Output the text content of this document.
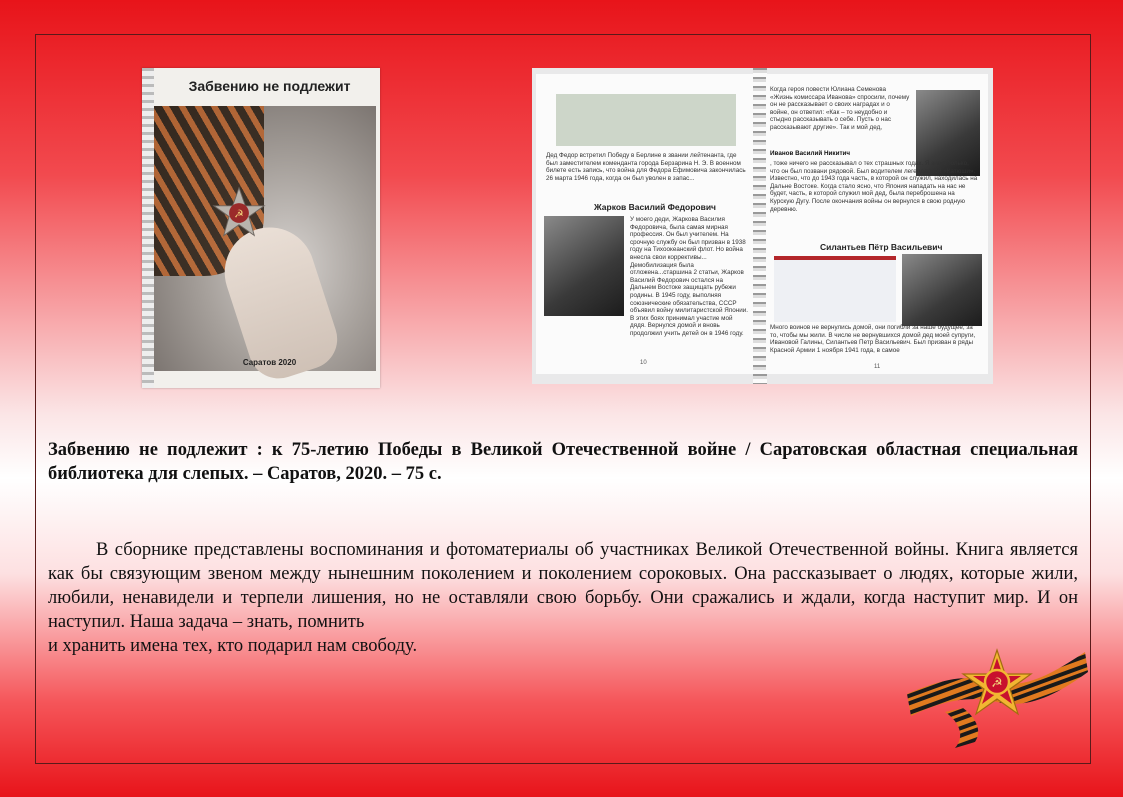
Забвению не подлежит
☭
Саратов 2020
Дед Федор встретил Победу в Берлине в звании лейтенанта, где был заместителем коменданта города Берзарина Н. Э. В военном билете есть запись, что война для Федора Ефимовича закончилась 26 марта 1946 года, когда он был уволен в запас...
Жарков Василий Федорович
У моего деди, Жаркова Василия Федоровича, была самая мирная профессия. Он был учителем. На срочную службу он был призван в 1938 году на Тихоокеанский флот. Но война внесла свои коррективы... Демобилизация была отложена...старшина 2 статьи, Жарков Василий Федорович остался на Дальнем Востоке защищать рубежи родины. В 1945 году, выполняя союзнические обязательства, СССР объявил войну милитаристской Японии. В этих боях принимал участие мой дядя. Вернулся домой и вновь продолжил учить детей он в 1946 году.
10
Когда героя повести Юлиана Семенова «Жизнь комиссара Иванова» спросили, почему он не рассказывает о своих наградах и о войне, он ответил: «Как – то неудобно и стыдно рассказывать о себе. Пусть о нас рассказывают другие». Так и мой дед,
Иванов Василий Никитич
, тоже ничего не рассказывал о тех страшных годах. Я знаю только, что он был позвани рядовой. Был водителем легендарной «Катюши». Известно, что до 1943 года часть, в которой он служил, находилась на Дальне Востоке. Когда стало ясно, что Япония нападать на нас не будет, часть, в которой служил мой дед, была переброшена на Курскую Дугу. После окончания войны он вернулся в свою родную деревню.
Силантьев Пётр Васильевич
Много воинов не вернулись домой, они погибли за наше будущее, за то, чтобы мы жили. В числе не вернувшихся домой дед моей супруги, Ивановой Галины, Силантьев Петр Васильевич. Был призван в ряды Красной Армии 1 ноября 1941 года, в самое
11
Забвению не подлежит : к 75-летию Победы в Великой Отечественной войне / Саратовская областная специальная библиотека для слепых. – Саратов, 2020. – 75 с.

В сборнике представлены воспоминания и фотоматериалы об участниках Великой Отечественной войны. Книга является как бы связующим звеном между нынешним поколением и поколением сороковых. Она рассказывает о людях, которые жили, любили, ненавидели и терпели лишения, но не оставляли свою борьбу. Они сражались и ждали, когда наступит мир. И он наступил. Наша задача – знать, помнить

и хранить имена тех, кто подарил нам свободу.
☭
